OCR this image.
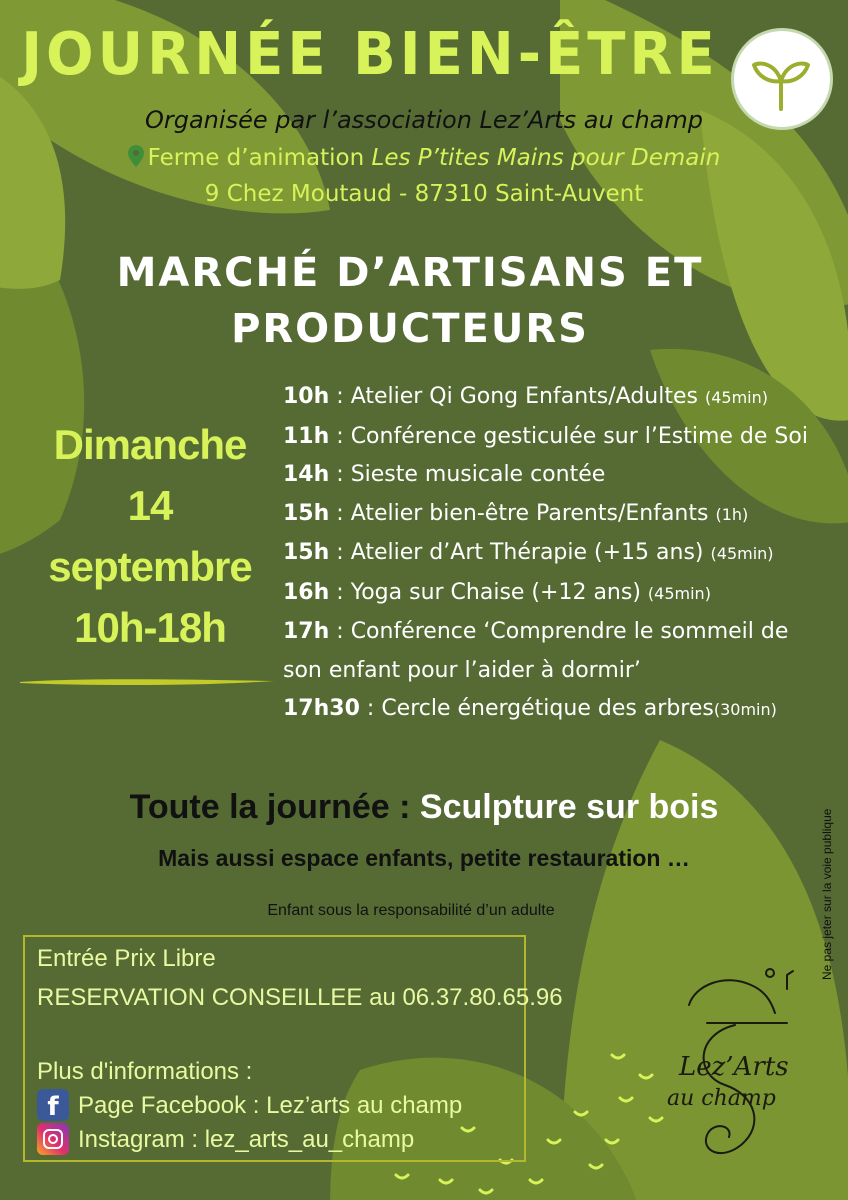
JOURNÉE BIEN-ÊTRE

Organisée par l’association Lez’Arts au champ

Ferme d’animation Les P’tites Mains pour Demain

9 Chez Moutaud - 87310 Saint-Auvent

MARCHÉ D’ARTISANS ET
PRODUCTEURS
Dimanche
14
septembre
10h-18h
10h : Atelier Qi Gong Enfants/Adultes (45min)
11h : Conférence gesticulée sur l’Estime de Soi
14h : Sieste musicale contée
15h : Atelier bien-être Parents/Enfants (1h)
15h : Atelier d’Art Thérapie (+15 ans) (45min)
16h : Yoga sur Chaise (+12 ans) (45min)
17h : Conférence ‘Comprendre le sommeil de son enfant pour l’aider à dormir’
17h30 : Cercle énergétique des arbres(30min)

Toute la journée : Sculpture sur bois

Mais aussi espace enfants, petite restauration …

Enfant sous la responsabilité d’un adulte

Entrée Prix Libre

RESERVATION CONSEILLEE au 06.37.80.65.96

Plus d'informations :

f Page Facebook : Lez’arts au champ

Instagram : lez_arts_au_champ

Ne pas jeter sur la voie publique
Lez’Arts
au champ
